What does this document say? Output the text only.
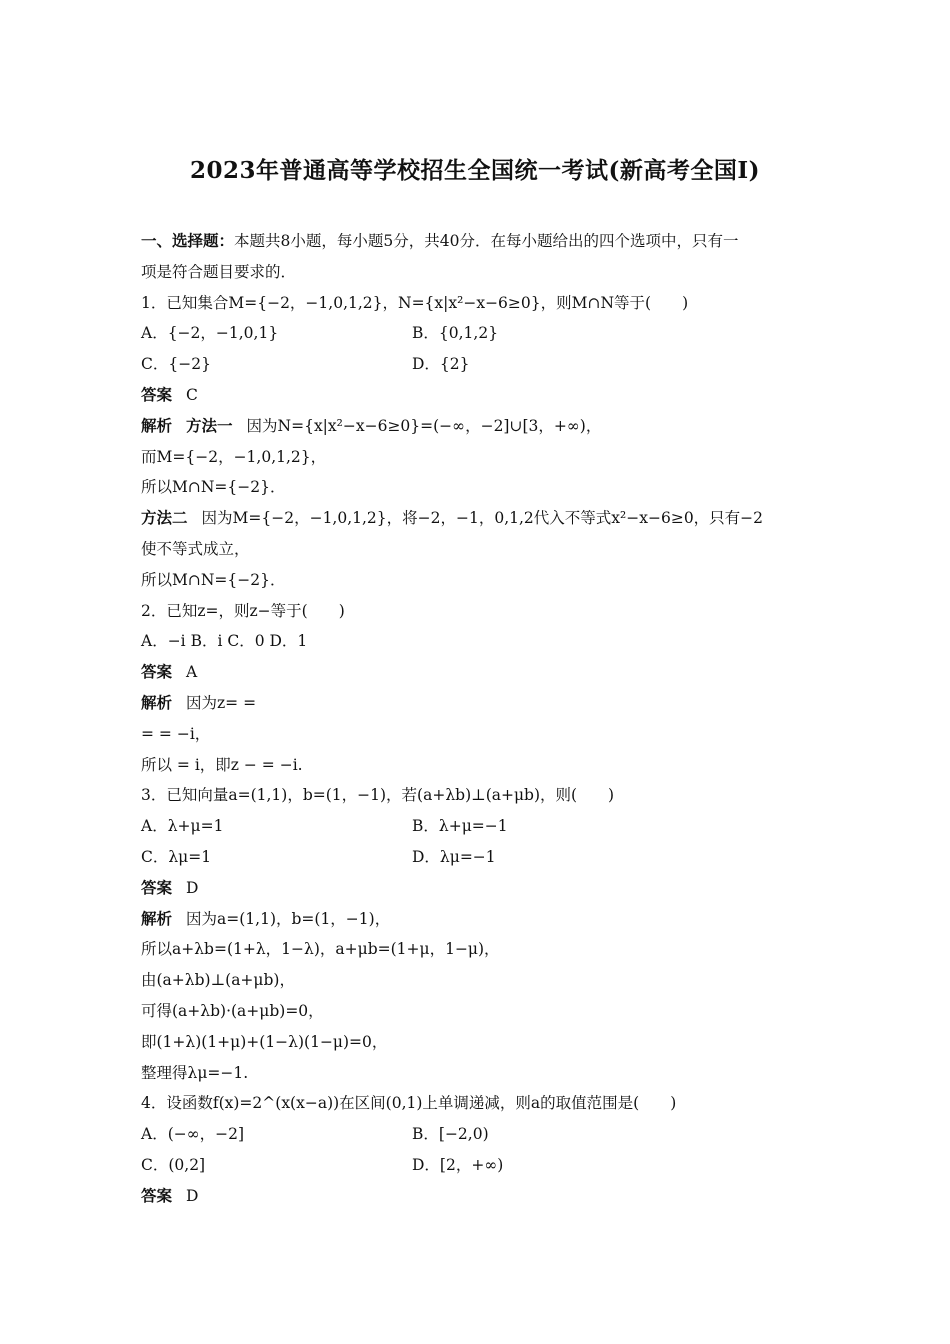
2023年普通高等学校招生全国统一考试(新高考全国Ⅰ)
一、选择题：本题共8小题，每小题5分，共40分．在每小题给出的四个选项中，只有一
项是符合题目要求的．
1．已知集合M={−2，−1,0,1,2}，N={x|x²−x−6≥0}，则M∩N等于(　　)
A．{−2，−1,0,1}	B．{0,1,2}
C．{−2}	D．{2}
答案 C
解析 方法一 因为N={x|x²−x−6≥0}=(−∞，−2]∪[3，+∞)，
而M={−2，−1,0,1,2}，
所以M∩N={−2}．
方法二 因为M={−2，−1,0,1,2}，将−2，−1，0,1,2代入不等式x²−x−6≥0，只有−2
使不等式成立，
所以M∩N={−2}．
2．已知z=，则z−等于(　　)
A．−i B．i C．0 D．1
答案 A
解析 因为z= =
= = −i，
所以 = i，即z − = −i.
3．已知向量a=(1,1)，b=(1，−1)，若(a+λb)⊥(a+μb)，则(　　)
A．λ+μ=1	B．λ+μ=−1
C．λμ=1	D．λμ=−1
答案 D
解析 因为a=(1,1)，b=(1，−1)，
所以a+λb=(1+λ，1−λ)，a+μb=(1+μ，1−μ)，
由(a+λb)⊥(a+μb)，
可得(a+λb)·(a+μb)=0，
即(1+λ)(1+μ)+(1−λ)(1−μ)=0，
整理得λμ=−1.
4．设函数f(x)=2^(x(x−a))在区间(0,1)上单调递减，则a的取值范围是(　　)
A．(−∞，−2]	B．[−2,0)
C．(0,2]	D．[2，+∞)
答案 D
